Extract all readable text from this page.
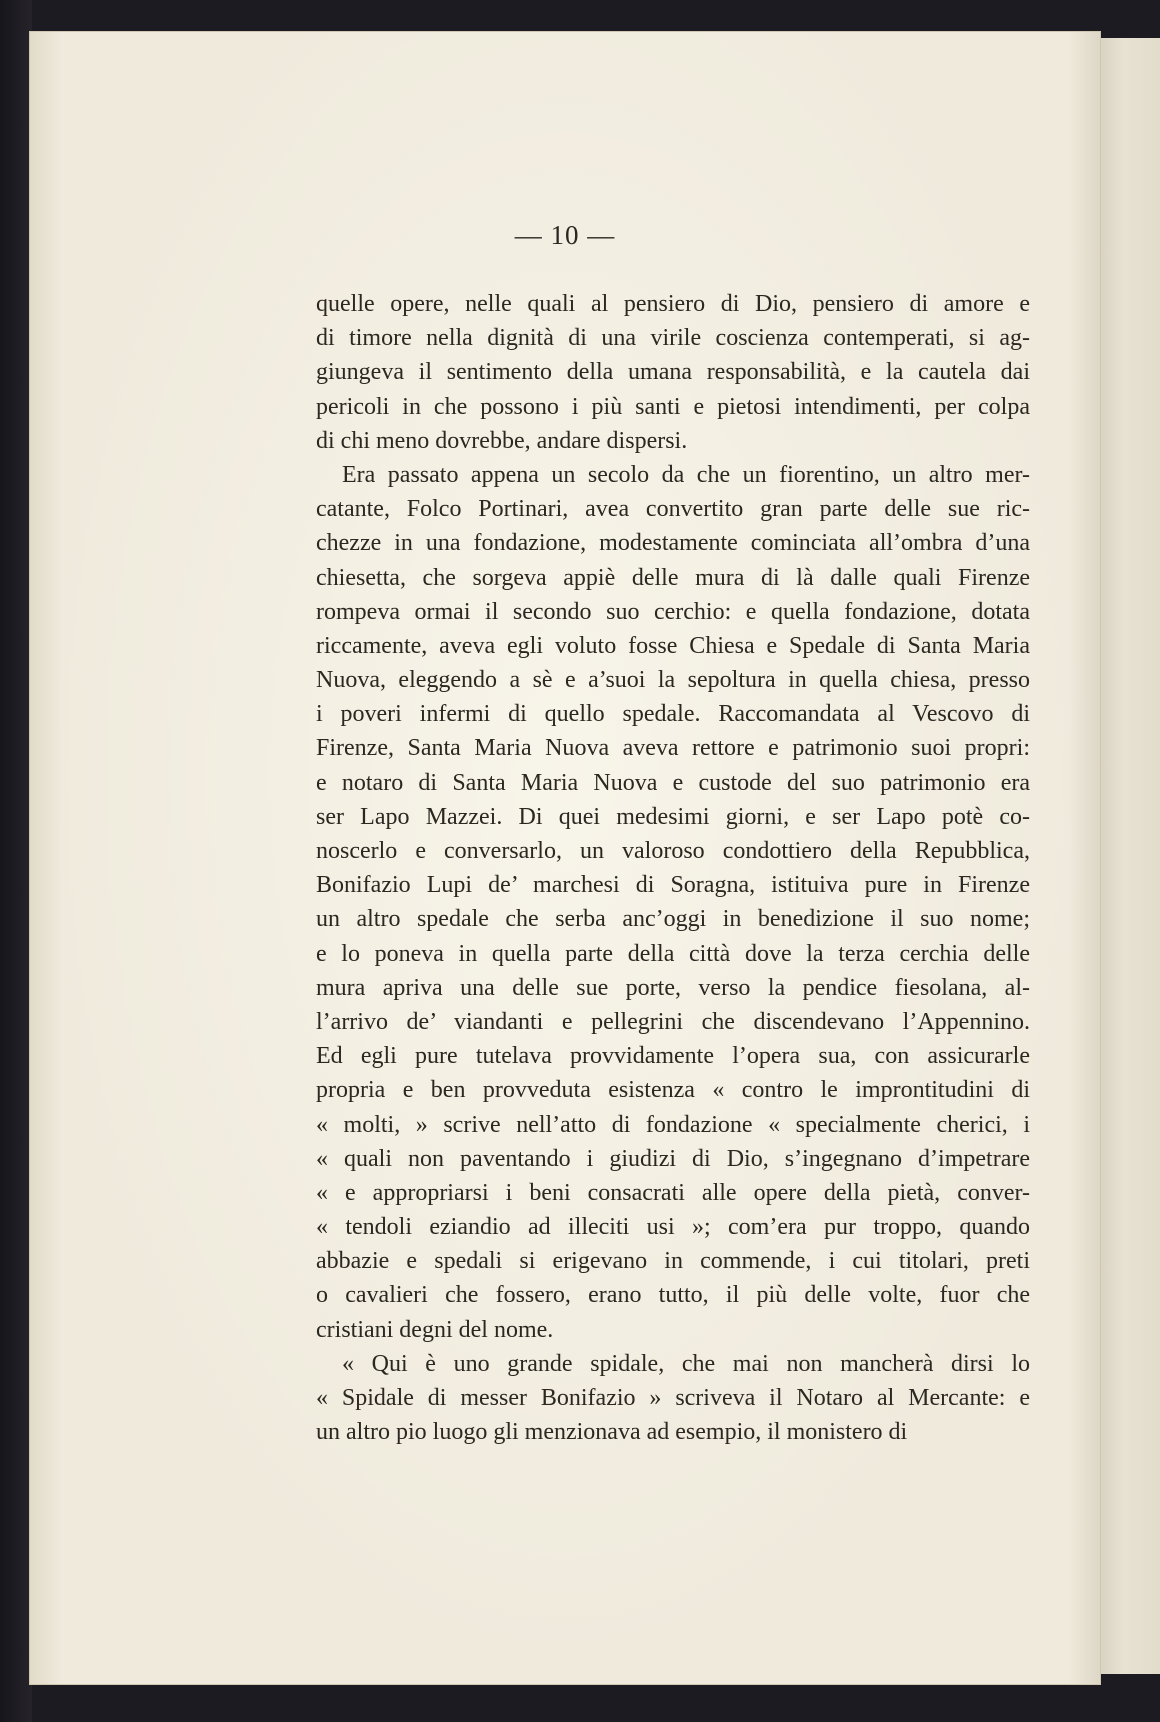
— 10 —
quelle opere, nelle quali al pensiero di Dio, pensiero di amore e
di timore nella dignità di una virile coscienza contemperati, si ag-
giungeva il sentimento della umana responsabilità, e la cautela dai
pericoli in che possono i più santi e pietosi intendimenti, per colpa
di chi meno dovrebbe, andare dispersi.
Era passato appena un secolo da che un fiorentino, un altro mer-
catante, Folco Portinari, avea convertito gran parte delle sue ric-
chezze in una fondazione, modestamente cominciata all’ombra d’una
chiesetta, che sorgeva appiè delle mura di là dalle quali Firenze
rompeva ormai il secondo suo cerchio: e quella fondazione, dotata
riccamente, aveva egli voluto fosse Chiesa e Spedale di Santa Maria
Nuova, eleggendo a sè e a’suoi la sepoltura in quella chiesa, presso
i poveri infermi di quello spedale. Raccomandata al Vescovo di
Firenze, Santa Maria Nuova aveva rettore e patrimonio suoi propri:
e notaro di Santa Maria Nuova e custode del suo patrimonio era
ser Lapo Mazzei. Di quei medesimi giorni, e ser Lapo potè co-
noscerlo e conversarlo, un valoroso condottiero della Repubblica,
Bonifazio Lupi de’ marchesi di Soragna, istituiva pure in Firenze
un altro spedale che serba anc’oggi in benedizione il suo nome;
e lo poneva in quella parte della città dove la terza cerchia delle
mura apriva una delle sue porte, verso la pendice fiesolana, al-
l’arrivo de’ viandanti e pellegrini che discendevano l’Appennino.
Ed egli pure tutelava provvidamente l’opera sua, con assicurarle
propria e ben provveduta esistenza « contro le improntitudini di
« molti, » scrive nell’atto di fondazione « specialmente cherici, i
« quali non paventando i giudizi di Dio, s’ingegnano d’impetrare
« e appropriarsi i beni consacrati alle opere della pietà, conver-
« tendoli eziandio ad illeciti usi »; com’era pur troppo, quando
abbazie e spedali si erigevano in commende, i cui titolari, preti
o cavalieri che fossero, erano tutto, il più delle volte, fuor che
cristiani degni del nome.
« Qui è uno grande spidale, che mai non mancherà dirsi lo
« Spidale di messer Bonifazio » scriveva il Notaro al Mercante: e
un altro pio luogo gli menzionava ad esempio, il monistero di
